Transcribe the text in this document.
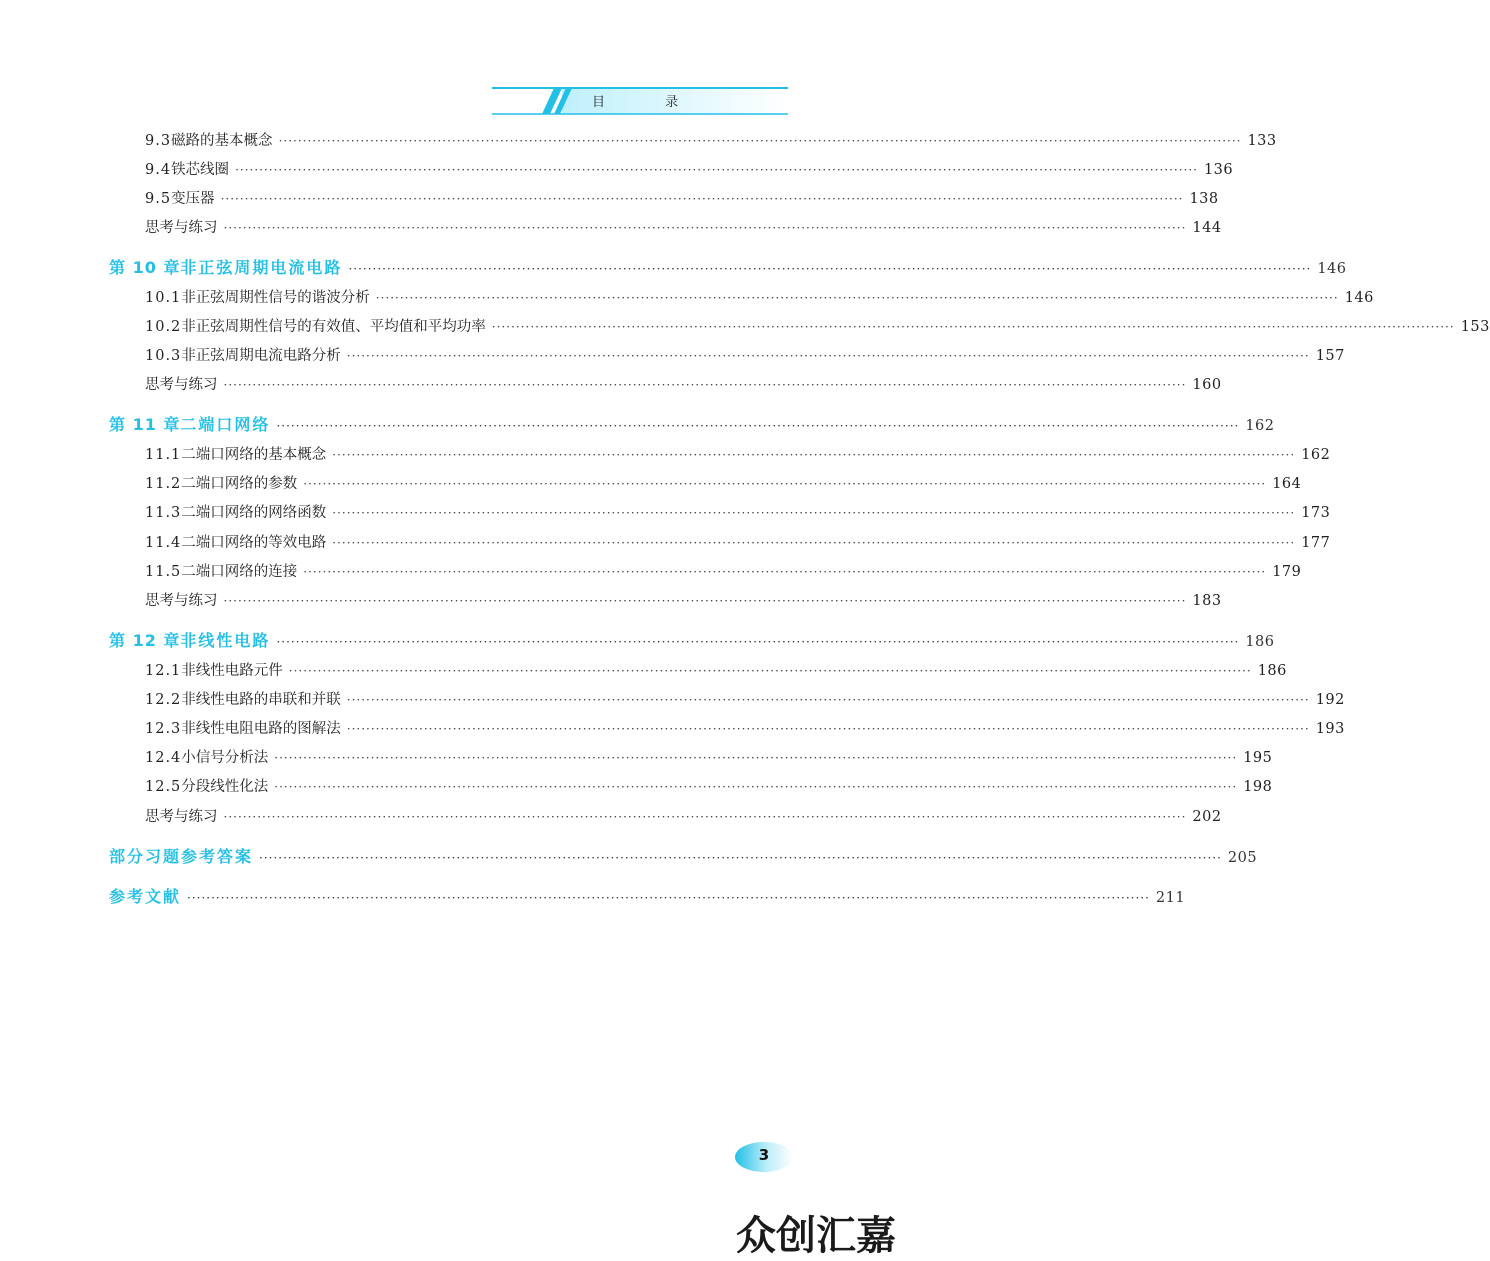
目 录
9.3 磁路的基本概念 ········································································································································································································ 133
9.4 铁芯线圈 ········································································································································································································ 136
9.5 变压器 ········································································································································································································ 138
思考与练习 ········································································································································································································ 144
第 10 章 非正弦周期电流电路 ········································································································································································································ 146
10.1 非正弦周期性信号的谐波分析 ········································································································································································································ 146
10.2 非正弦周期性信号的有效值、平均值和平均功率 ········································································································································································································ 153
10.3 非正弦周期电流电路分析 ········································································································································································································ 157
思考与练习 ········································································································································································································ 160
第 11 章 二端口网络 ········································································································································································································ 162
11.1 二端口网络的基本概念 ········································································································································································································ 162
11.2 二端口网络的参数 ········································································································································································································ 164
11.3 二端口网络的网络函数 ········································································································································································································ 173
11.4 二端口网络的等效电路 ········································································································································································································ 177
11.5 二端口网络的连接 ········································································································································································································ 179
思考与练习 ········································································································································································································ 183
第 12 章 非线性电路 ········································································································································································································ 186
12.1 非线性电路元件 ········································································································································································································ 186
12.2 非线性电路的串联和并联 ········································································································································································································ 192
12.3 非线性电阻电路的图解法 ········································································································································································································ 193
12.4 小信号分析法 ········································································································································································································ 195
12.5 分段线性化法 ········································································································································································································ 198
思考与练习 ········································································································································································································ 202
部分习题参考答案 ········································································································································································································ 205
参考文献 ········································································································································································································ 211
3
众创汇嘉
